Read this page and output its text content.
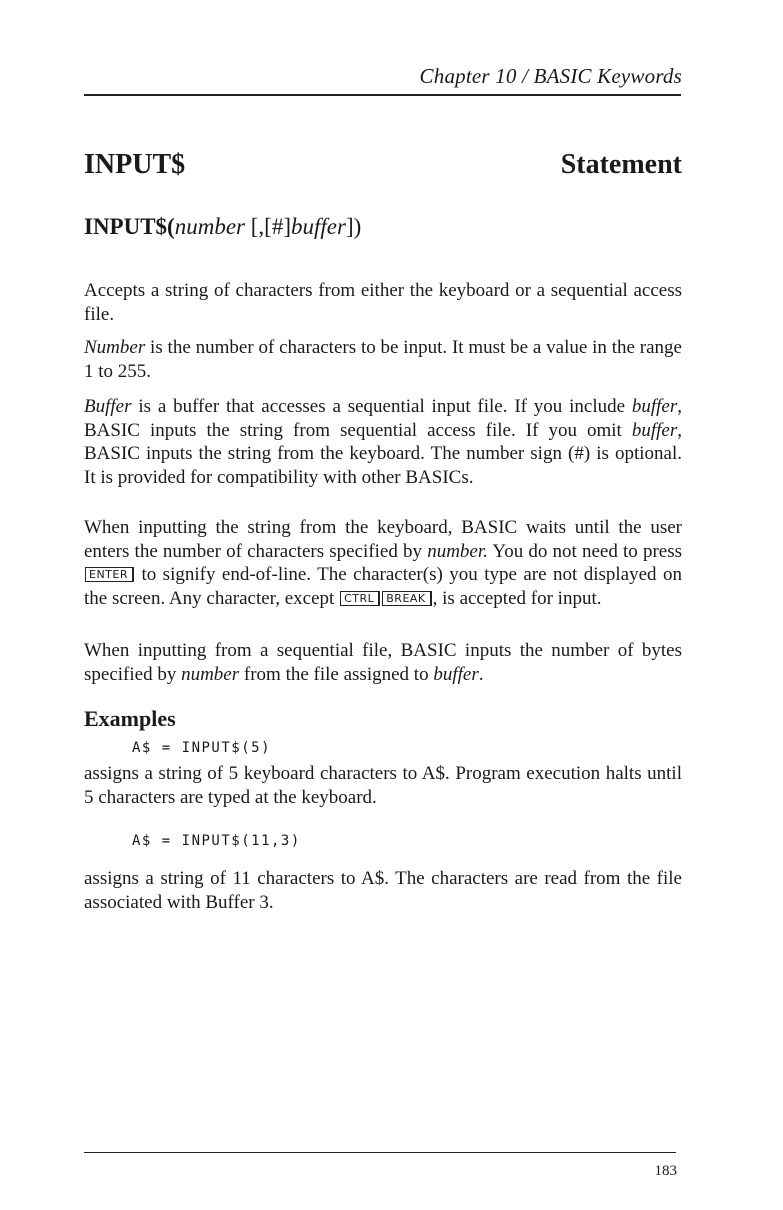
Chapter 10 / BASIC Keywords
INPUT$	Statement
INPUT$(number [,[#]buffer])
Accepts a string of characters from either the keyboard or a sequential access file.
Number is the number of characters to be input. It must be a value in the range 1 to 255.
Buffer is a buffer that accesses a sequential input file. If you include buffer, BASIC inputs the string from sequential access file. If you omit buffer, BASIC inputs the string from the keyboard. The number sign (#) is optional. It is provided for compatibility with other BASICs.
When inputting the string from the keyboard, BASIC waits until the user enters the number of characters specified by number. You do not need to press ENTER to signify end-of-line. The character(s) you type are not displayed on the screen. Any character, except CTRL BREAK , is accepted for input.
When inputting from a sequential file, BASIC inputs the number of bytes specified by number from the file assigned to buffer.
Examples
A$ = INPUT$(5)
assigns a string of 5 keyboard characters to A$. Program execution halts until 5 characters are typed at the keyboard.
A$ = INPUT$(11,3)
assigns a string of 11 characters to A$. The characters are read from the file associated with Buffer 3.
183
